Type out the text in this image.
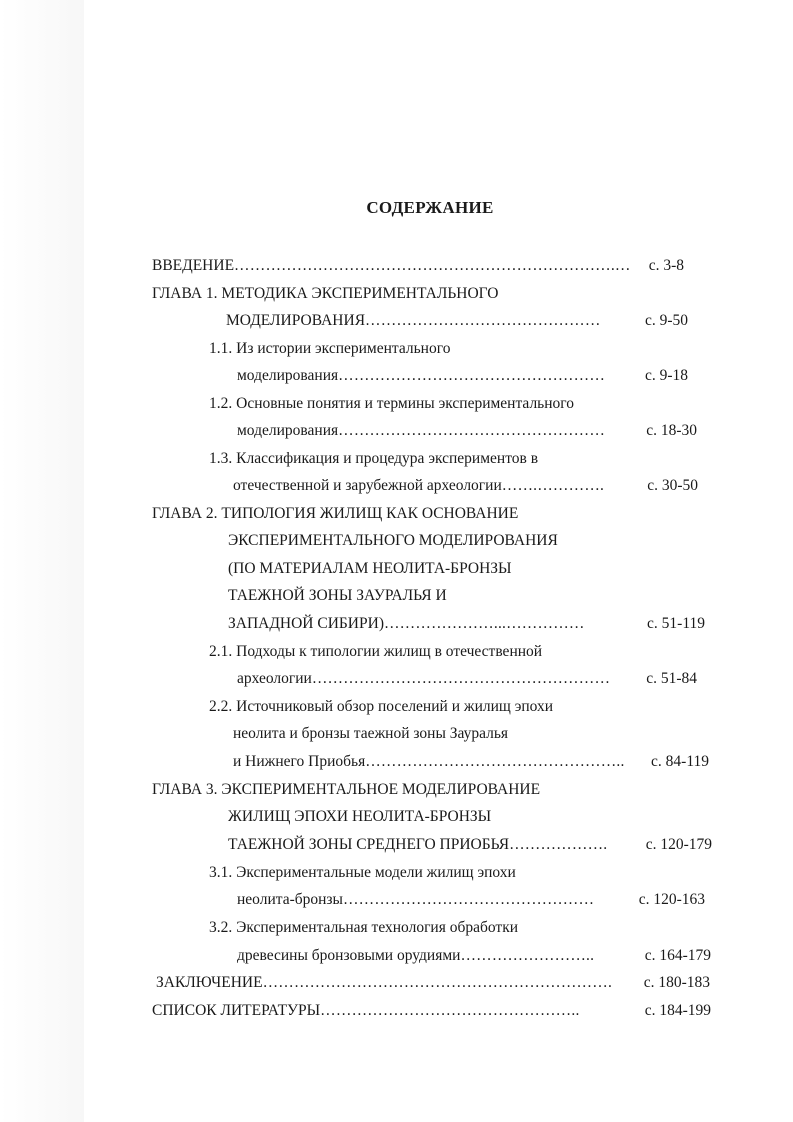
СОДЕРЖАНИЕ
ВВЕДЕНИЕ……………………………………………………………….… с. 3-8
ГЛАВА 1. МЕТОДИКА ЭКСПЕРИМЕНТАЛЬНОГО
МОДЕЛИРОВАНИЯ………………………………………	с. 9-50
1.1. Из истории экспериментального
моделирования……………………………………………	с. 9-18
1.2. Основные понятия и термины экспериментального
моделирования……………………………………………	с. 18-30
1.3. Классификация и процедура экспериментов в
отечественной и зарубежной археологии…….………….	с. 30-50
ГЛАВА 2. ТИПОЛОГИЯ ЖИЛИЩ КАК ОСНОВАНИЕ
ЭКСПЕРИМЕНТАЛЬНОГО МОДЕЛИРОВАНИЯ
(ПО МАТЕРИАЛАМ НЕОЛИТА-БРОНЗЫ
ТАЕЖНОЙ ЗОНЫ ЗАУРАЛЬЯ И
ЗАПАДНОЙ СИБИРИ)…………………...……………	с. 51-119
2.1. Подходы к типологии жилищ в отечественной
археологии………………………………………………… с. 51-84
2.2. Источниковый обзор поселений и жилищ эпохи
неолита и бронзы таежной зоны Зауралья
и Нижнего Приобья………………………………………….. с. 84-119
ГЛАВА 3. ЭКСПЕРИМЕНТАЛЬНОЕ МОДЕЛИРОВАНИЕ
ЖИЛИЩ ЭПОХИ НЕОЛИТА-БРОНЗЫ
ТАЕЖНОЙ ЗОНЫ СРЕДНЕГО ПРИОБЬЯ………………. с. 120-179
3.1. Экспериментальные модели жилищ эпохи
неолита-бронзы…………………………………………	с. 120-163
3.2. Экспериментальная технология обработки
древесины бронзовыми орудиями……………………..	с. 164-179
ЗАКЛЮЧЕНИЕ…………………………………………………………. с. 180-183
СПИСОК ЛИТЕРАТУРЫ…………………………………………..	с. 184-199
